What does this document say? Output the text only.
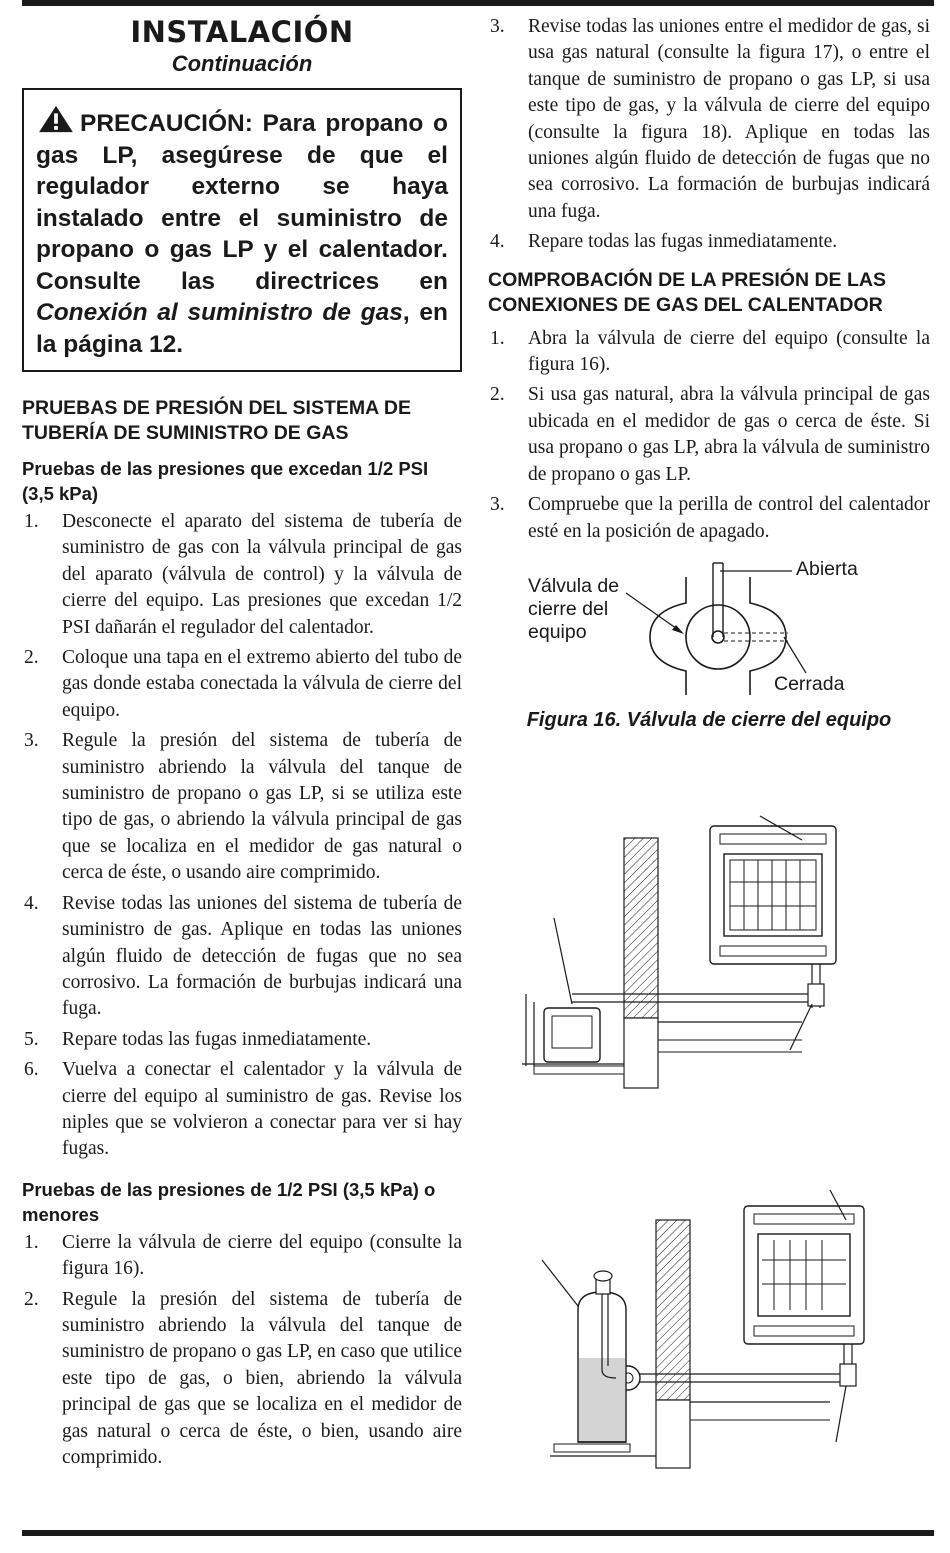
INSTALACIÓN
Continuación
PRECAUCIÓN: Para propano o gas LP, asegúrese de que el regulador externo se haya instalado entre el suministro de propano o gas LP y el calentador. Consulte las directrices en Conexión al suministro de gas, en la página 12.
PRUEBAS DE PRESIÓN DEL SISTEMA DE TUBERÍA DE SUMINISTRO DE GAS
Pruebas de las presiones que excedan 1/2 PSI (3,5 kPa)
1. Desconecte el aparato del sistema de tubería de suministro de gas con la válvula principal de gas del aparato (válvula de control) y la válvula de cierre del equipo. Las presiones que excedan 1/2 PSI dañarán el regulador del calentador.
2. Coloque una tapa en el extremo abierto del tubo de gas donde estaba conectada la válvula de cierre del equipo.
3. Regule la presión del sistema de tubería de suministro abriendo la válvula del tanque de suministro de propano o gas LP, si se utiliza este tipo de gas, o abriendo la válvula principal de gas que se localiza en el medidor de gas natural o cerca de éste, o usando aire comprimido.
4. Revise todas las uniones del sistema de tubería de suministro de gas. Aplique en todas las uniones algún fluido de detección de fugas que no sea corrosivo. La formación de burbujas indicará una fuga.
5. Repare todas las fugas inmediatamente.
6. Vuelva a conectar el calentador y la válvula de cierre del equipo al suministro de gas. Revise los niples que se volvieron a conectar para ver si hay fugas.
Pruebas de las presiones de 1/2 PSI (3,5 kPa) o menores
1. Cierre la válvula de cierre del equipo (consulte la figura 16).
2. Regule la presión del sistema de tubería de suministro abriendo la válvula del tanque de suministro de propano o gas LP, en caso que utilice este tipo de gas, o bien, abriendo la válvula principal de gas que se localiza en el medidor de gas natural o cerca de éste, o bien, usando aire comprimido.
3. Revise todas las uniones entre el medidor de gas, si usa gas natural (consulte la figura 17), o entre el tanque de suministro de propano o gas LP, si usa este tipo de gas, y la válvula de cierre del equipo (consulte la figura 18). Aplique en todas las uniones algún fluido de detección de fugas que no sea corrosivo. La formación de burbujas indicará una fuga.
4. Repare todas las fugas inmediatamente.
COMPROBACIÓN DE LA PRESIÓN DE LAS CONEXIONES DE GAS DEL CALENTADOR
1. Abra la válvula de cierre del equipo (consulte la figura 16).
2. Si usa gas natural, abra la válvula principal de gas ubicada en el medidor de gas o cerca de éste. Si usa propano o gas LP, abra la válvula de suministro de propano o gas LP.
3. Compruebe que la perilla de control del calentador esté en la posición de apagado.
Válvula de cierre del equipo
Abierta
Cerrada
Figura 16. Válvula de cierre del equipo
